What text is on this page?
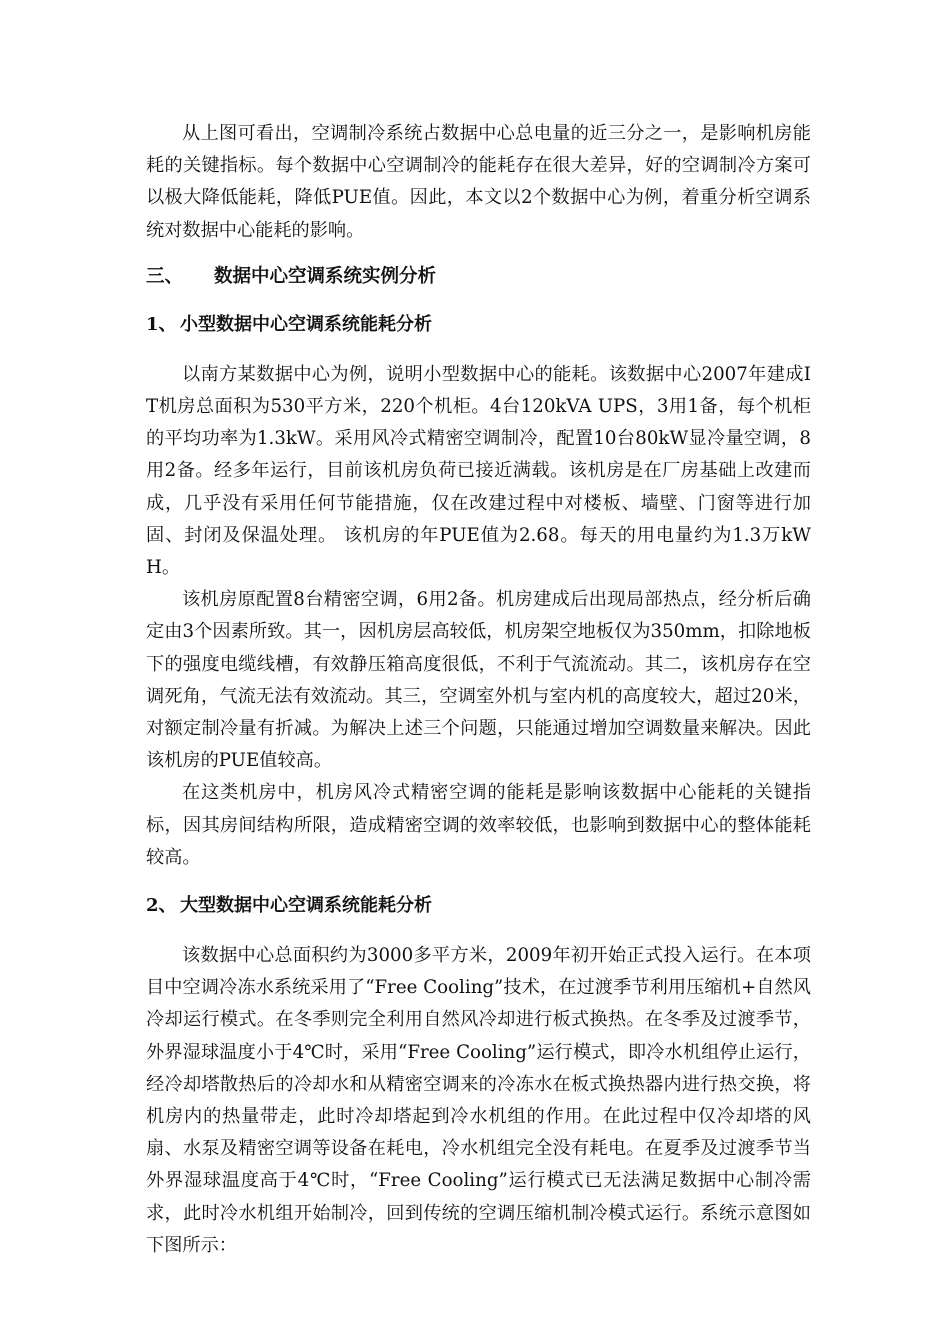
从上图可看出，空调制冷系统占数据中心总电量的近三分之一，是影响机房能耗的关键指标。每个数据中心空调制冷的能耗存在很大差异，好的空调制冷方案可以极大降低能耗，降低PUE值。因此，本文以2个数据中心为例，着重分析空调系统对数据中心能耗的影响。

三、	数据中心空调系统实例分析
1、 小型数据中心空调系统能耗分析

以南方某数据中心为例，说明小型数据中心的能耗。该数据中心2007年建成IT机房总面积为530平方米，220个机柜。4台120kVA UPS，3用1备，每个机柜的平均功率为1.3kW。采用风冷式精密空调制冷，配置10台80kW显冷量空调，8用2备。经多年运行，目前该机房负荷已接近满载。该机房是在厂房基础上改建而成，几乎没有采用任何节能措施，仅在改建过程中对楼板、墙壁、门窗等进行加固、封闭及保温处理。 该机房的年PUE值为2.68。每天的用电量约为1.3万kWH。

该机房原配置8台精密空调，6用2备。机房建成后出现局部热点，经分析后确定由3个因素所致。其一，因机房层高较低，机房架空地板仅为350mm，扣除地板下的强度电缆线槽，有效静压箱高度很低，不利于气流流动。其二，该机房存在空调死角，气流无法有效流动。其三，空调室外机与室内机的高度较大，超过20米，对额定制冷量有折减。为解决上述三个问题，只能通过增加空调数量来解决。因此该机房的PUE值较高。

在这类机房中，机房风冷式精密空调的能耗是影响该数据中心能耗的关键指标，因其房间结构所限，造成精密空调的效率较低，也影响到数据中心的整体能耗较高。

2、 大型数据中心空调系统能耗分析

该数据中心总面积约为3000多平方米，2009年初开始正式投入运行。在本项目中空调冷冻水系统采用了“Free Cooling”技术，在过渡季节利用压缩机+自然风冷却运行模式。在冬季则完全利用自然风冷却进行板式换热。在冬季及过渡季节，外界湿球温度小于4℃时，采用“Free Cooling”运行模式，即冷水机组停止运行，经冷却塔散热后的冷却水和从精密空调来的冷冻水在板式换热器内进行热交换，将机房内的热量带走，此时冷却塔起到冷水机组的作用。在此过程中仅冷却塔的风扇、水泵及精密空调等设备在耗电，冷水机组完全没有耗电。在夏季及过渡季节当外界湿球温度高于4℃时，“Free Cooling”运行模式已无法满足数据中心制冷需求，此时冷水机组开始制冷，回到传统的空调压缩机制冷模式运行。系统示意图如下图所示：
